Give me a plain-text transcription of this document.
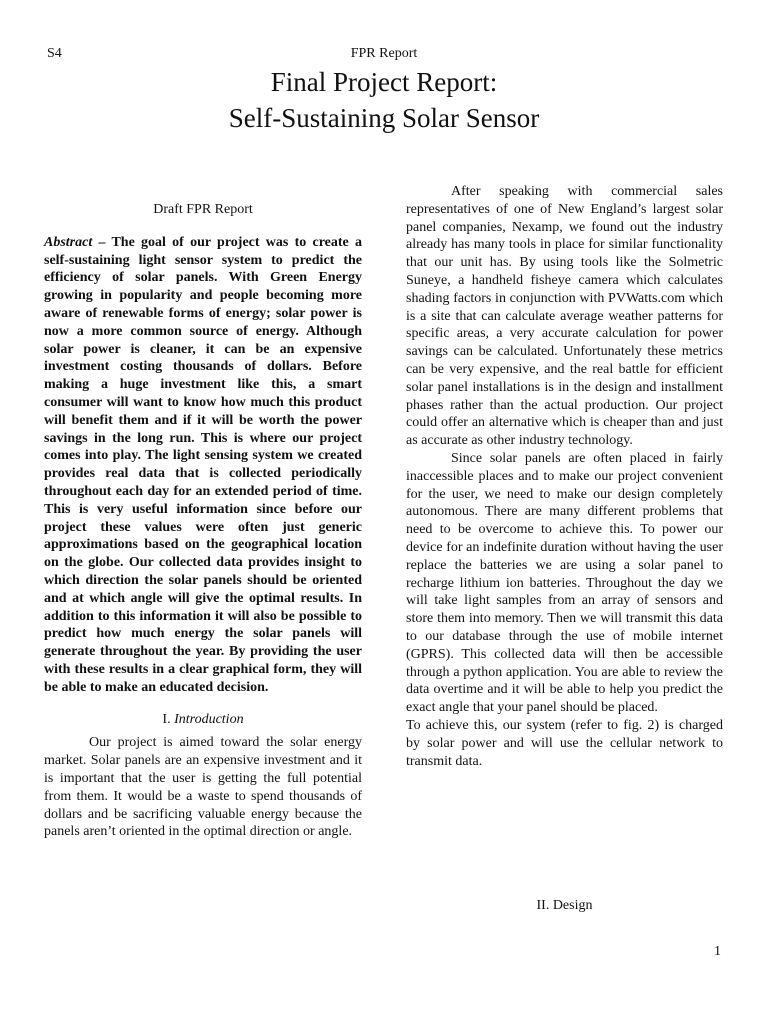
S4	FPR Report
Final Project Report:
Self-Sustaining Solar Sensor

Draft FPR Report

Abstract – The goal of our project was to create a self-sustaining light sensor system to predict the efficiency of solar panels. With Green Energy growing in popularity and people becoming more aware of renewable forms of energy; solar power is now a more common source of energy. Although solar power is cleaner, it can be an expensive investment costing thousands of dollars. Before making a huge investment like this, a smart consumer will want to know how much this product will benefit them and if it will be worth the power savings in the long run. This is where our project comes into play. The light sensing system we created provides real data that is collected periodically throughout each day for an extended period of time. This is very useful information since before our project these values were often just generic approximations based on the geographical location on the globe. Our collected data provides insight to which direction the solar panels should be oriented and at which angle will give the optimal results. In addition to this information it will also be possible to predict how much energy the solar panels will generate throughout the year. By providing the user with these results in a clear graphical form, they will be able to make an educated decision.

I. Introduction

Our project is aimed toward the solar energy market. Solar panels are an expensive investment and it is important that the user is getting the full potential from them. It would be a waste to spend thousands of dollars and be sacrificing valuable energy because the panels aren’t oriented in the optimal direction or angle.

After speaking with commercial sales representatives of one of New England’s largest solar panel companies, Nexamp, we found out the industry already has many tools in place for similar functionality that our unit has. By using tools like the Solmetric Suneye, a handheld fisheye camera which calculates shading factors in conjunction with PVWatts.com which is a site that can calculate average weather patterns for specific areas, a very accurate calculation for power savings can be calculated. Unfortunately these metrics can be very expensive, and the real battle for efficient solar panel installations is in the design and installment phases rather than the actual production. Our project could offer an alternative which is cheaper than and just as accurate as other industry technology.

Since solar panels are often placed in fairly inaccessible places and to make our project convenient for the user, we need to make our design completely autonomous. There are many different problems that need to be overcome to achieve this. To power our device for an indefinite duration without having the user replace the batteries we are using a solar panel to recharge lithium ion batteries. Throughout the day we will take light samples from an array of sensors and store them into memory. Then we will transmit this data to our database through the use of mobile internet (GPRS). This collected data will then be accessible through a python application. You are able to review the data overtime and it will be able to help you predict the exact angle that your panel should be placed.

To achieve this, our system (refer to fig. 2) is charged by solar power and will use the cellular network to transmit data.

II. Design
1
